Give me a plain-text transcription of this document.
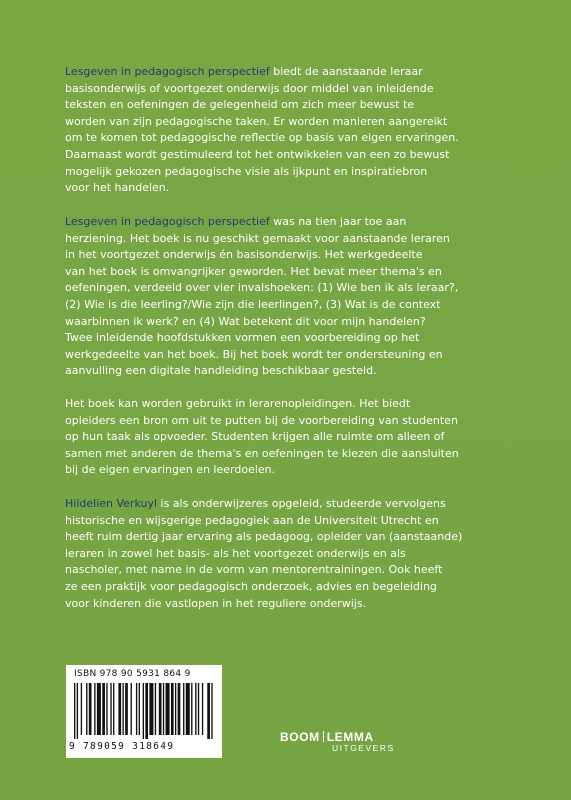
Lesgeven in pedagogisch perspectief biedt de aanstaande leraar

basisonderwijs of voortgezet onderwijs door middel van inleidende

teksten en oefeningen de gelegenheid om zich meer bewust te

worden van zijn pedagogische taken. Er worden manieren aangereikt

om te komen tot pedagogische reflectie op basis van eigen ervaringen.

Daarnaast wordt gestimuleerd tot het ontwikkelen van een zo bewust

mogelijk gekozen pedagogische visie als ijkpunt en inspiratiebron

voor het handelen.

Lesgeven in pedagogisch perspectief was na tien jaar toe aan

herziening. Het boek is nu geschikt gemaakt voor aanstaande leraren

in het voortgezet onderwijs én basisonderwijs. Het werkgedeelte

van het boek is omvangrijker geworden. Het bevat meer thema's en

oefeningen, verdeeld over vier invalshoeken: (1) Wie ben ik als leraar?,

(2) Wie is die leerling?/Wie zijn die leerlingen?, (3) Wat is de context

waarbinnen ik werk? en (4) Wat betekent dit voor mijn handelen?

Twee inleidende hoofdstukken vormen een voorbereiding op het

werkgedeelte van het boek. Bij het boek wordt ter ondersteuning en

aanvulling een digitale handleiding beschikbaar gesteld.

Het boek kan worden gebruikt in lerarenopleidingen. Het biedt

opleiders een bron om uit te putten bij de voorbereiding van studenten

op hun taak als opvoeder. Studenten krijgen alle ruimte om alleen of

samen met anderen de thema's en oefeningen te kiezen die aansluiten

bij de eigen ervaringen en leerdoelen.

Hildelien Verkuyl is als onderwijzeres opgeleid, studeerde vervolgens

historische en wijsgerige pedagogiek aan de Universiteit Utrecht en

heeft ruim dertig jaar ervaring als pedagoog, opleider van (aanstaande)

leraren in zowel het basis- als het voortgezet onderwijs en als

nascholer, met name in de vorm van mentorentrainingen. Ook heeft

ze een praktijk voor pedagogisch onderzoek, advies en begeleiding

voor kinderen die vastlopen in het reguliere onderwijs.

ISBN 978 90 5931 864 9
9 789059 318649
BOOM LEMMA
UITGEVERS
